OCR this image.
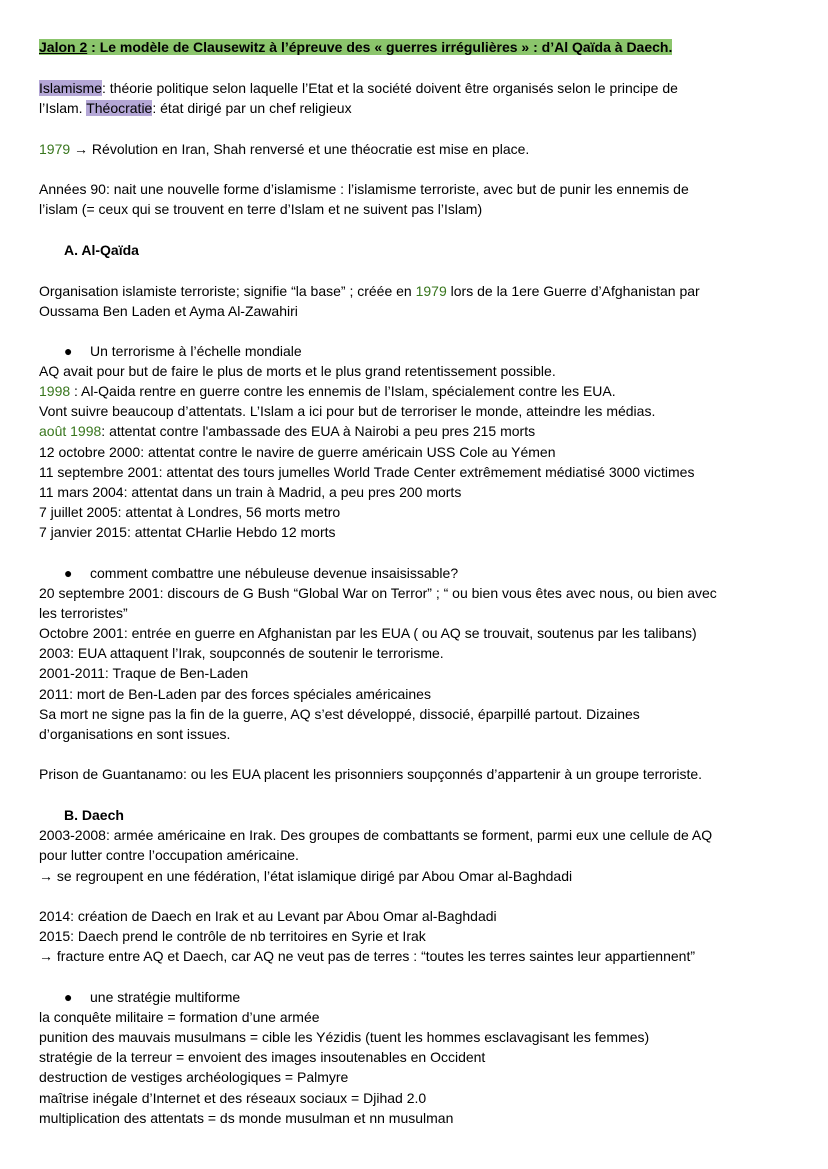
Jalon 2 : Le modèle de Clausewitz à l’épreuve des « guerres irrégulières » : d’Al Qaïda à Daech.
Islamisme: théorie politique selon laquelle l’Etat et la société doivent être organisés selon le principe de
l’Islam. Théocratie: état dirigé par un chef religieux
1979 → Révolution en Iran, Shah renversé et une théocratie est mise en place.
Années 90: nait une nouvelle forme d’islamisme : l’islamisme terroriste, avec but de punir les ennemis de
l’islam (= ceux qui se trouvent en terre d’Islam et ne suivent pas l’Islam)
A. Al-Qaïda
Organisation islamiste terroriste; signifie “la base” ; créée en 1979 lors de la 1ere Guerre d’Afghanistan par
Oussama Ben Laden et Ayma Al-Zawahiri
● Un terrorisme à l’échelle mondiale
AQ avait pour but de faire le plus de morts et le plus grand retentissement possible.
1998 : Al-Qaida rentre en guerre contre les ennemis de l’Islam, spécialement contre les EUA.
Vont suivre beaucoup d’attentats. L’Islam a ici pour but de terroriser le monde, atteindre les médias.
août 1998: attentat contre l'ambassade des EUA à Nairobi a peu pres 215 morts
12 octobre 2000: attentat contre le navire de guerre américain USS Cole au Yémen
11 septembre 2001: attentat des tours jumelles World Trade Center extrêmement médiatisé 3000 victimes
11 mars 2004: attentat dans un train à Madrid, a peu pres 200 morts
7 juillet 2005: attentat à Londres, 56 morts metro
7 janvier 2015: attentat CHarlie Hebdo 12 morts
● comment combattre une nébuleuse devenue insaisissable?
20 septembre 2001: discours de G Bush “Global War on Terror” ; “ ou bien vous êtes avec nous, ou bien avec
les terroristes”
Octobre 2001: entrée en guerre en Afghanistan par les EUA ( ou AQ se trouvait, soutenus par les talibans)
2003: EUA attaquent l’Irak, soupconnés de soutenir le terrorisme.
2001-2011: Traque de Ben-Laden
2011: mort de Ben-Laden par des forces spéciales américaines
Sa mort ne signe pas la fin de la guerre, AQ s’est développé, dissocié, éparpillé partout. Dizaines
d’organisations en sont issues.
Prison de Guantanamo: ou les EUA placent les prisonniers soupçonnés d’appartenir à un groupe terroriste.
B. Daech
2003-2008: armée américaine en Irak. Des groupes de combattants se forment, parmi eux une cellule de AQ
pour lutter contre l’occupation américaine.
→ se regroupent en une fédération, l’état islamique dirigé par Abou Omar al-Baghdadi
2014: création de Daech en Irak et au Levant par Abou Omar al-Baghdadi
2015: Daech prend le contrôle de nb territoires en Syrie et Irak
→ fracture entre AQ et Daech, car AQ ne veut pas de terres : “toutes les terres saintes leur appartiennent”
● une stratégie multiforme
la conquête militaire = formation d’une armée
punition des mauvais musulmans = cible les Yézidis (tuent les hommes esclavagisant les femmes)
stratégie de la terreur = envoient des images insoutenables en Occident
destruction de vestiges archéologiques = Palmyre
maîtrise inégale d’Internet et des réseaux sociaux = Djihad 2.0
multiplication des attentats = ds monde musulman et nn musulman
